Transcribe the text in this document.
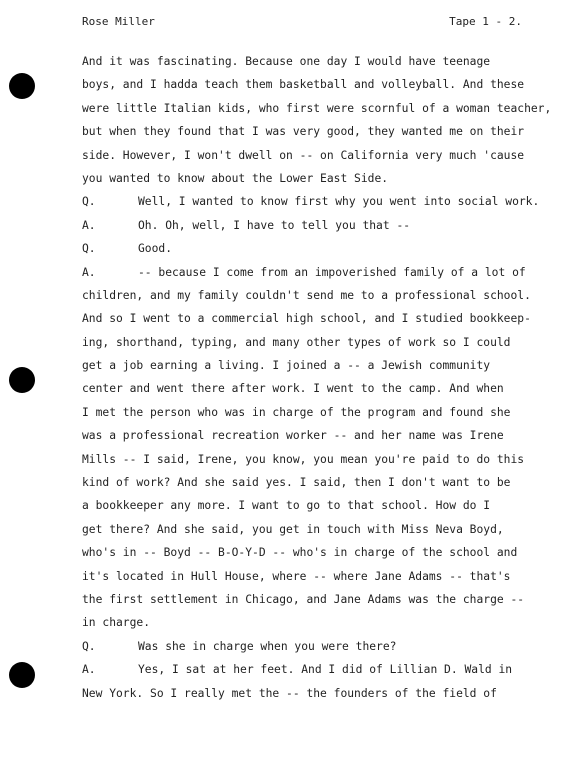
Rose Miller	Tape 1 - 2.
And it was fascinating. Because one day I would have teenage
boys, and I hadda teach them basketball and volleyball. And these
were little Italian kids, who first were scornful of a woman teacher,
but when they found that I was very good, they wanted me on their
side. However, I won't dwell on -- on California very much 'cause
you wanted to know about the Lower East Side.
Q.	Well, I wanted to know first why you went into social work.
A.	Oh. Oh, well, I have to tell you that --
Q.	Good.
A.	-- because I come from an impoverished family of a lot of
children, and my family couldn't send me to a professional school.
And so I went to a commercial high school, and I studied bookkeep-
ing, shorthand, typing, and many other types of work so I could
get a job earning a living. I joined a -- a Jewish community
center and went there after work. I went to the camp. And when
I met the person who was in charge of the program and found she
was a professional recreation worker -- and her name was Irene
Mills -- I said, Irene, you know, you mean you're paid to do this
kind of work? And she said yes. I said, then I don't want to be
a bookkeeper any more. I want to go to that school. How do I
get there? And she said, you get in touch with Miss Neva Boyd,
who's in -- Boyd -- B-O-Y-D -- who's in charge of the school and
it's located in Hull House, where -- where Jane Adams -- that's
the first settlement in Chicago, and Jane Adams was the charge --
in charge.
Q.	Was she in charge when you were there?
A.	Yes, I sat at her feet. And I did of Lillian D. Wald in
New York. So I really met the -- the founders of the field of
